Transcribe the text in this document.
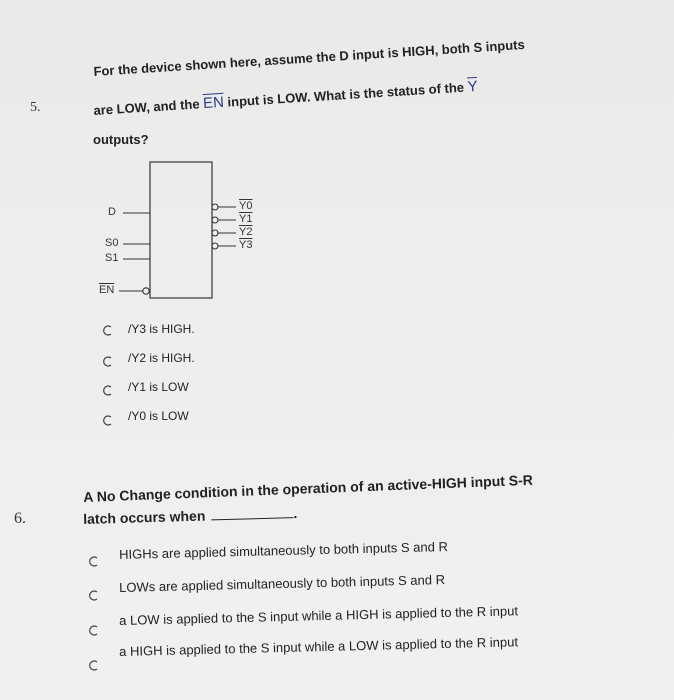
5.
For the device shown here, assume the D input is HIGH, both S inputs
are LOW, and the $\overline{EN}$ input is LOW. What is the status of the $\overline{Y}$
outputs?
D
S0
S1
$\overline{EN}$
Y0
Y1
Y2
Y3
/Y3 is HIGH.
/Y2 is HIGH.
/Y1 is LOW
/Y0 is LOW
6.
A No Change condition in the operation of an active-HIGH input S-R
latch occurs when	.
HIGHs are applied simultaneously to both inputs S and R
LOWs are applied simultaneously to both inputs S and R
a LOW is applied to the S input while a HIGH is applied to the R input
a HIGH is applied to the S input while a LOW is applied to the R input
